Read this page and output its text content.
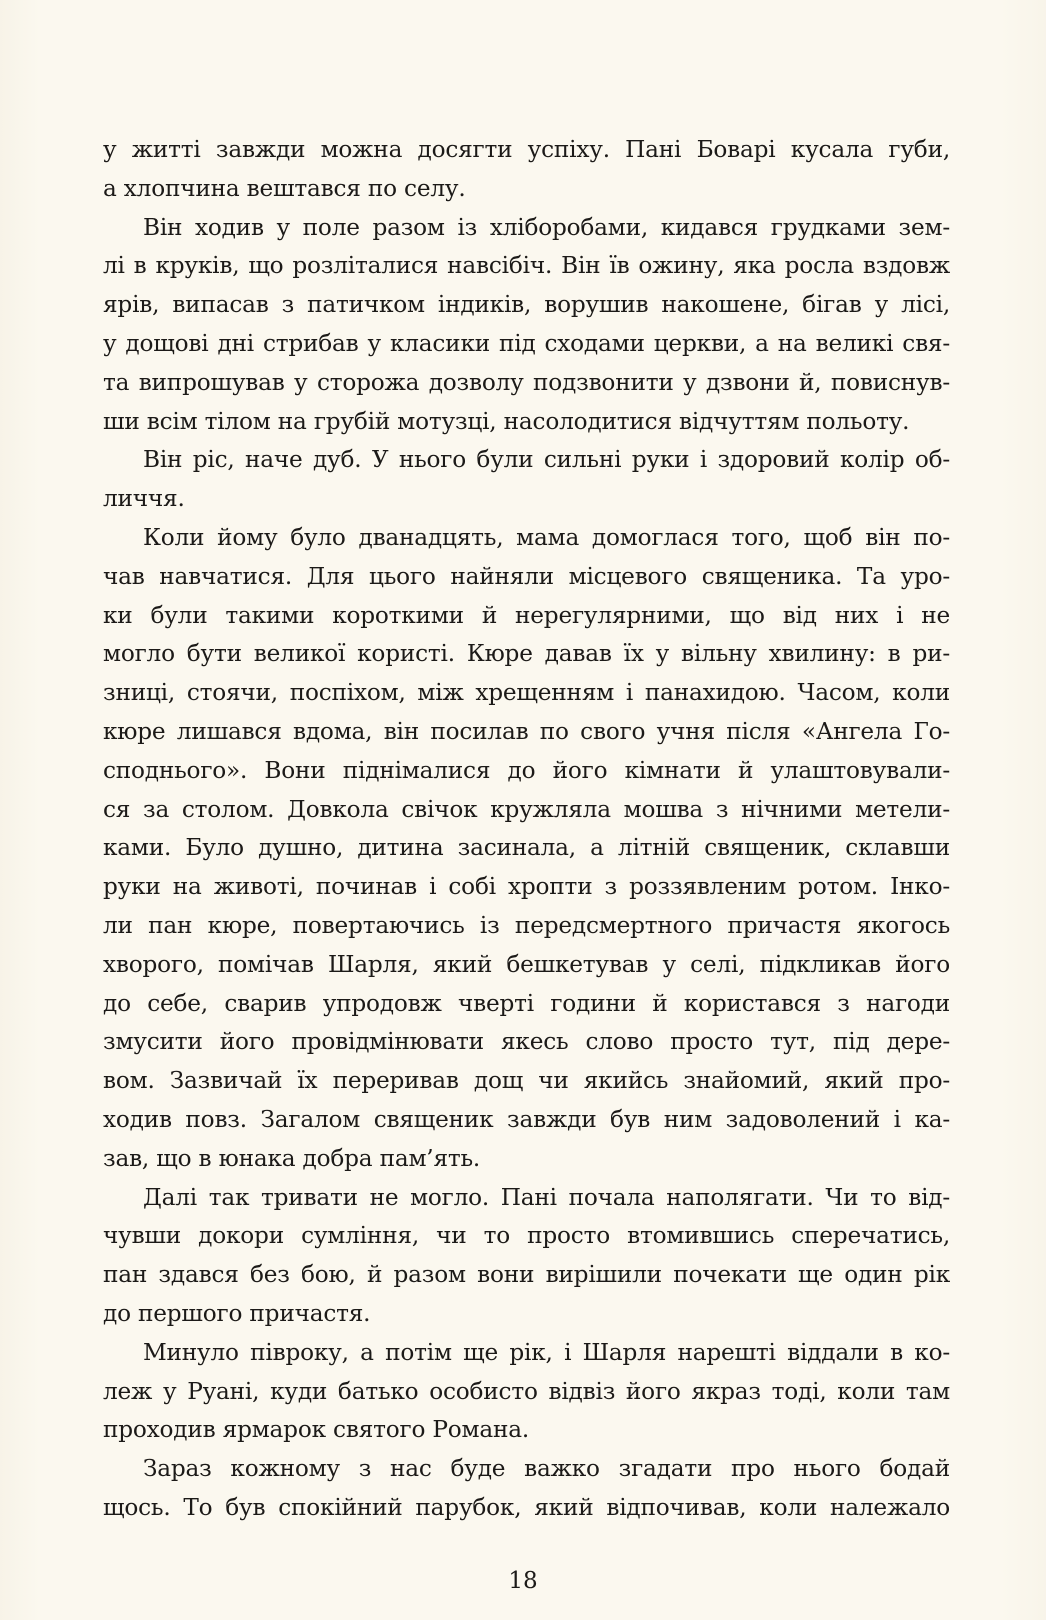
у житті завжди можна досягти успіху. Пані Боварі кусала губи,
а хлопчина вештався по селу.
Він ходив у поле разом із хліборобами, кидався грудками зем-
лі в круків, що розліталися навсібіч. Він їв ожину, яка росла вздовж
ярів, випасав з патичком індиків, ворушив накошене, бігав у лісі,
у дощові дні стрибав у класики під сходами церкви, а на великі свя-
та випрошував у сторожа дозволу подзвонити у дзвони й, повиснув-
ши всім тілом на грубій мотузці, насолодитися відчуттям польоту.
Він ріс, наче дуб. У нього були сильні руки і здоровий колір об-
личчя.
Коли йому було дванадцять, мама домоглася того, щоб він по-
чав навчатися. Для цього найняли місцевого священика. Та уро-
ки були такими короткими й нерегулярними, що від них і не
могло бути великої користі. Кюре давав їх у вільну хвилину: в ри-
зниці, стоячи, поспіхом, між хрещенням і панахидою. Часом, коли
кюре лишався вдома, він посилав по свого учня після «Ангела Го-
споднього». Вони піднімалися до його кімнати й улаштовували-
ся за столом. Довкола свічок кружляла мошва з нічними метели-
ками. Було душно, дитина засинала, а літній священик, склавши
руки на животі, починав і собі хропти з роззявленим ротом. Інко-
ли пан кюре, повертаючись із передсмертного причастя якогось
хворого, помічав Шарля, який бешкетував у селі, підкликав його
до себе, сварив упродовж чверті години й користався з нагоди
змусити його провідмінювати якесь слово просто тут, під дере-
вом. Зазвичай їх переривав дощ чи якийсь знайомий, який про-
ходив повз. Загалом священик завжди був ним задоволений і ка-
зав, що в юнака добра пам’ять.
Далі так тривати не могло. Пані почала наполягати. Чи то від-
чувши докори сумління, чи то просто втомившись сперечатись,
пан здався без бою, й разом вони вирішили почекати ще один рік
до першого причастя.
Минуло півроку, а потім ще рік, і Шарля нарешті віддали в ко-
леж у Руані, куди батько особисто відвіз його якраз тоді, коли там
проходив ярмарок святого Романа.
Зараз кожному з нас буде важко згадати про нього бодай
щось. То був спокійний парубок, який відпочивав, коли належало
18
